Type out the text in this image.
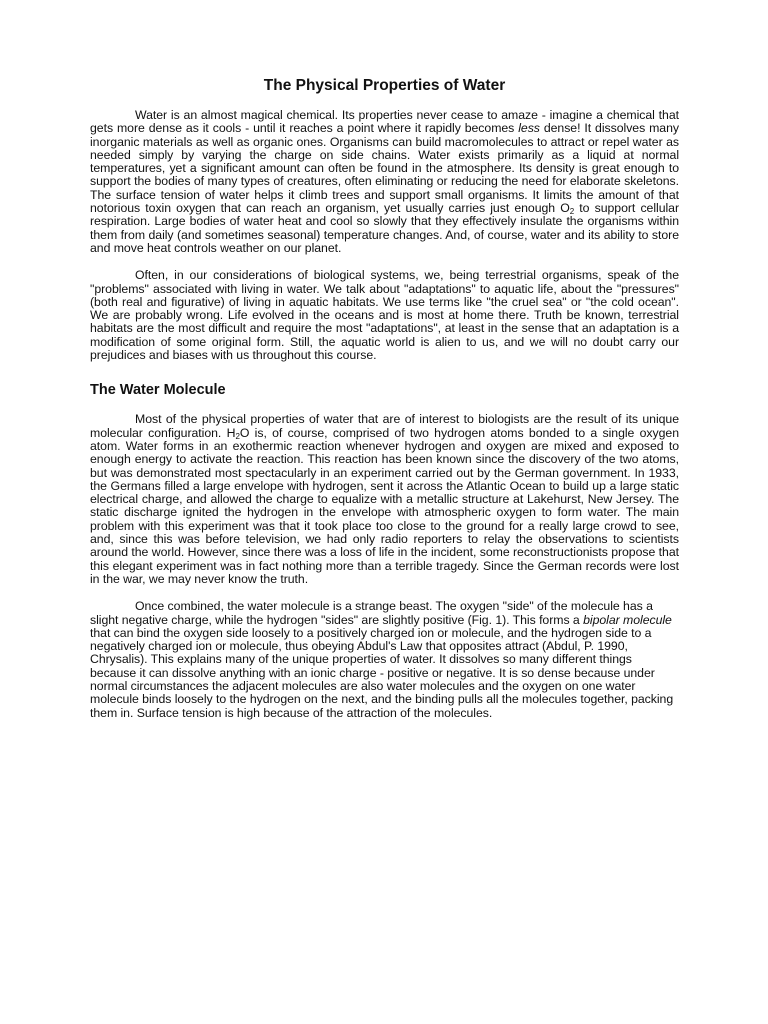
The Physical Properties of Water

Water is an almost magical chemical. Its properties never cease to amaze - imagine a chemical that gets more dense as it cools - until it reaches a point where it rapidly becomes less dense! It dissolves many inorganic materials as well as organic ones. Organisms can build macromolecules to attract or repel water as needed simply by varying the charge on side chains. Water exists primarily as a liquid at normal temperatures, yet a significant amount can often be found in the atmosphere. Its density is great enough to support the bodies of many types of creatures, often eliminating or reducing the need for elaborate skeletons. The surface tension of water helps it climb trees and support small organisms. It limits the amount of that notorious toxin oxygen that can reach an organism, yet usually carries just enough $O_2$ to support cellular respiration. Large bodies of water heat and cool so slowly that they effectively insulate the organisms within them from daily (and sometimes seasonal) temperature changes. And, of course, water and its ability to store and move heat controls weather on our planet.

Often, in our considerations of biological systems, we, being terrestrial organisms, speak of the "problems" associated with living in water. We talk about "adaptations" to aquatic life, about the "pressures" (both real and figurative) of living in aquatic habitats. We use terms like "the cruel sea" or "the cold ocean". We are probably wrong. Life evolved in the oceans and is most at home there. Truth be known, terrestrial habitats are the most difficult and require the most "adaptations", at least in the sense that an adaptation is a modification of some original form. Still, the aquatic world is alien to us, and we will no doubt carry our prejudices and biases with us throughout this course.

The Water Molecule

Most of the physical properties of water that are of interest to biologists are the result of its unique molecular configuration. $H_2O$ is, of course, comprised of two hydrogen atoms bonded to a single oxygen atom. Water forms in an exothermic reaction whenever hydrogen and oxygen are mixed and exposed to enough energy to activate the reaction. This reaction has been known since the discovery of the two atoms, but was demonstrated most spectacularly in an experiment carried out by the German government. In 1933, the Germans filled a large envelope with hydrogen, sent it across the Atlantic Ocean to build up a large static electrical charge, and allowed the charge to equalize with a metallic structure at Lakehurst, New Jersey. The static discharge ignited the hydrogen in the envelope with atmospheric oxygen to form water. The main problem with this experiment was that it took place too close to the ground for a really large crowd to see, and, since this was before television, we had only radio reporters to relay the observations to scientists around the world. However, since there was a loss of life in the incident, some reconstructionists propose that this elegant experiment was in fact nothing more than a terrible tragedy. Since the German records were lost in the war, we may never know the truth.

Once combined, the water molecule is a strange beast. The oxygen "side" of the molecule has a slight negative charge, while the hydrogen "sides" are slightly positive (Fig. 1). This forms a bipolar molecule that can bind the oxygen side loosely to a positively charged ion or molecule, and the hydrogen side to a negatively charged ion or molecule, thus obeying Abdul's Law that opposites attract (Abdul, P. 1990, Chrysalis). This explains many of the unique properties of water. It dissolves so many different things because it can dissolve anything with an ionic charge - positive or negative. It is so dense because under normal circumstances the adjacent molecules are also water molecules and the oxygen on one water molecule binds loosely to the hydrogen on the next, and the binding pulls all the molecules together, packing them in. Surface tension is high because of the attraction of the molecules.
